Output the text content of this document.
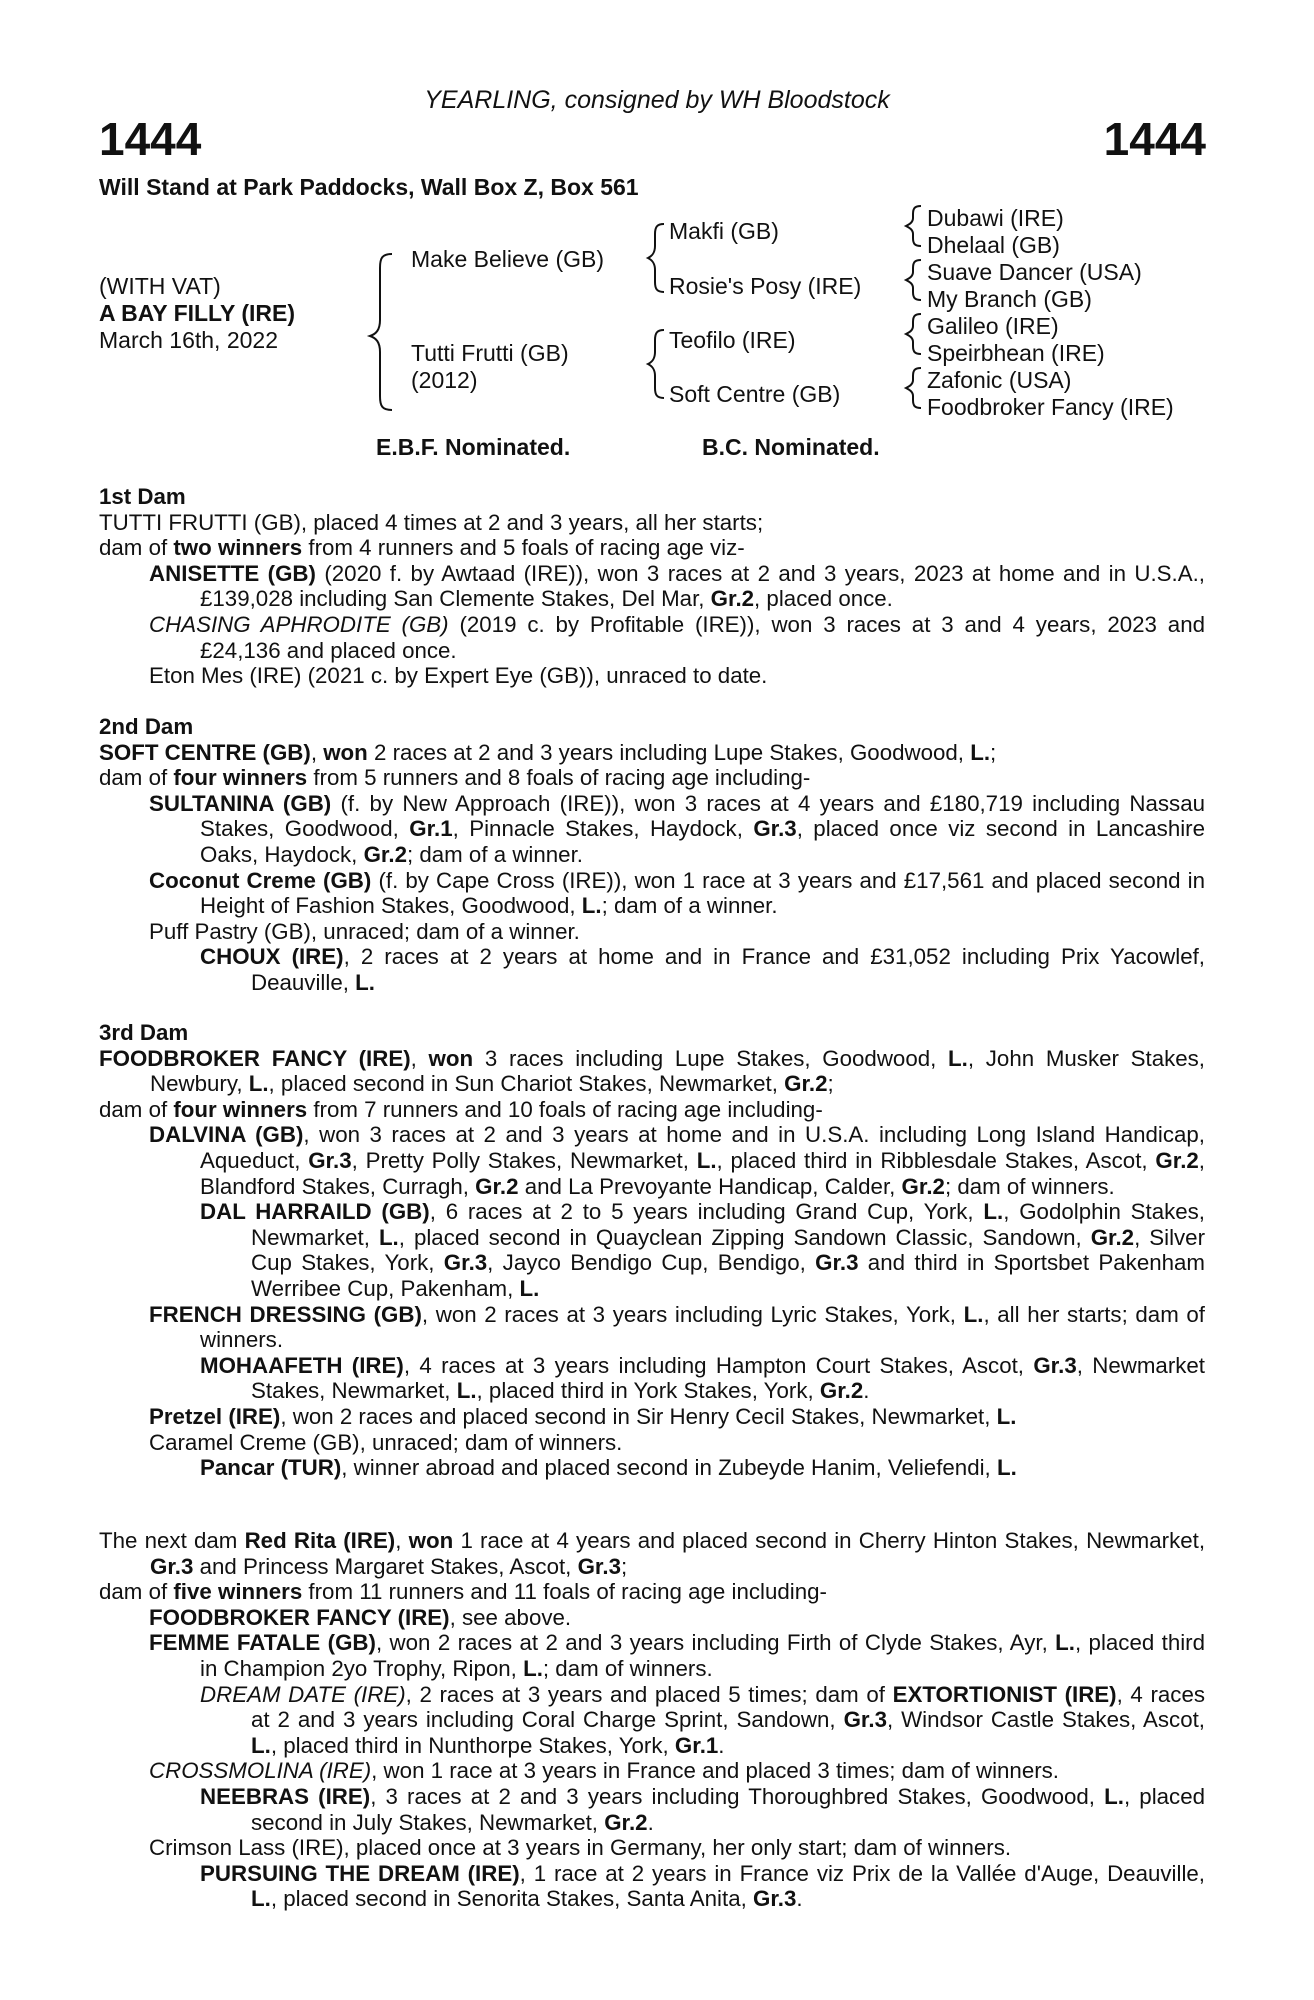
YEARLING, consigned by WH Bloodstock
1444	1444
Will Stand at Park Paddocks, Wall Box Z, Box 561
(WITH VAT)
A BAY FILLY (IRE)
March 16th, 2022
Make Believe (GB)
Tutti Frutti (GB)
(2012)
Makfi (GB)
Rosie's Posy (IRE)
Teofilo (IRE)
Soft Centre (GB)
Dubawi (IRE)
Dhelaal (GB)
Suave Dancer (USA)
My Branch (GB)
Galileo (IRE)
Speirbhean (IRE)
Zafonic (USA)
Foodbroker Fancy (IRE)
E.B.F. Nominated.	B.C. Nominated.

1st Dam

TUTTI FRUTTI (GB), placed 4 times at 2 and 3 years, all her starts;

dam of two winners from 4 runners and 5 foals of racing age viz-

ANISETTE (GB) (2020 f. by Awtaad (IRE)), won 3 races at 2 and 3 years, 2023 at home and in U.S.A., £139,028 including San Clemente Stakes, Del Mar, Gr.2, placed once.

CHASING APHRODITE (GB) (2019 c. by Profitable (IRE)), won 3 races at 3 and 4 years, 2023 and £24,136 and placed once.

Eton Mes (IRE) (2021 c. by Expert Eye (GB)), unraced to date.

2nd Dam

SOFT CENTRE (GB), won 2 races at 2 and 3 years including Lupe Stakes, Goodwood, L.;

dam of four winners from 5 runners and 8 foals of racing age including-

SULTANINA (GB) (f. by New Approach (IRE)), won 3 races at 4 years and £180,719 including Nassau Stakes, Goodwood, Gr.1, Pinnacle Stakes, Haydock, Gr.3, placed once viz second in Lancashire Oaks, Haydock, Gr.2; dam of a winner.

Coconut Creme (GB) (f. by Cape Cross (IRE)), won 1 race at 3 years and £17,561 and placed second in Height of Fashion Stakes, Goodwood, L.; dam of a winner.

Puff Pastry (GB), unraced; dam of a winner.

CHOUX (IRE), 2 races at 2 years at home and in France and £31,052 including Prix Yacowlef, Deauville, L.

3rd Dam

FOODBROKER FANCY (IRE), won 3 races including Lupe Stakes, Goodwood, L., John Musker Stakes, Newbury, L., placed second in Sun Chariot Stakes, Newmarket, Gr.2;

dam of four winners from 7 runners and 10 foals of racing age including-

DALVINA (GB), won 3 races at 2 and 3 years at home and in U.S.A. including Long Island Handicap, Aqueduct, Gr.3, Pretty Polly Stakes, Newmarket, L., placed third in Ribblesdale Stakes, Ascot, Gr.2, Blandford Stakes, Curragh, Gr.2 and La Prevoyante Handicap, Calder, Gr.2; dam of winners.

DAL HARRAILD (GB), 6 races at 2 to 5 years including Grand Cup, York, L., Godolphin Stakes, Newmarket, L., placed second in Quayclean Zipping Sandown Classic, Sandown, Gr.2, Silver Cup Stakes, York, Gr.3, Jayco Bendigo Cup, Bendigo, Gr.3 and third in Sportsbet Pakenham Werribee Cup, Pakenham, L.

FRENCH DRESSING (GB), won 2 races at 3 years including Lyric Stakes, York, L., all her starts; dam of winners.

MOHAAFETH (IRE), 4 races at 3 years including Hampton Court Stakes, Ascot, Gr.3, Newmarket Stakes, Newmarket, L., placed third in York Stakes, York, Gr.2.

Pretzel (IRE), won 2 races and placed second in Sir Henry Cecil Stakes, Newmarket, L.

Caramel Creme (GB), unraced; dam of winners.

Pancar (TUR), winner abroad and placed second in Zubeyde Hanim, Veliefendi, L.

The next dam Red Rita (IRE), won 1 race at 4 years and placed second in Cherry Hinton Stakes, Newmarket, Gr.3 and Princess Margaret Stakes, Ascot, Gr.3;

dam of five winners from 11 runners and 11 foals of racing age including-

FOODBROKER FANCY (IRE), see above.

FEMME FATALE (GB), won 2 races at 2 and 3 years including Firth of Clyde Stakes, Ayr, L., placed third in Champion 2yo Trophy, Ripon, L.; dam of winners.

DREAM DATE (IRE), 2 races at 3 years and placed 5 times; dam of EXTORTIONIST (IRE), 4 races at 2 and 3 years including Coral Charge Sprint, Sandown, Gr.3, Windsor Castle Stakes, Ascot, L., placed third in Nunthorpe Stakes, York, Gr.1.

CROSSMOLINA (IRE), won 1 race at 3 years in France and placed 3 times; dam of winners.

NEEBRAS (IRE), 3 races at 2 and 3 years including Thoroughbred Stakes, Goodwood, L., placed second in July Stakes, Newmarket, Gr.2.

Crimson Lass (IRE), placed once at 3 years in Germany, her only start; dam of winners.

PURSUING THE DREAM (IRE), 1 race at 2 years in France viz Prix de la Vallée d'Auge, Deauville, L., placed second in Senorita Stakes, Santa Anita, Gr.3.
